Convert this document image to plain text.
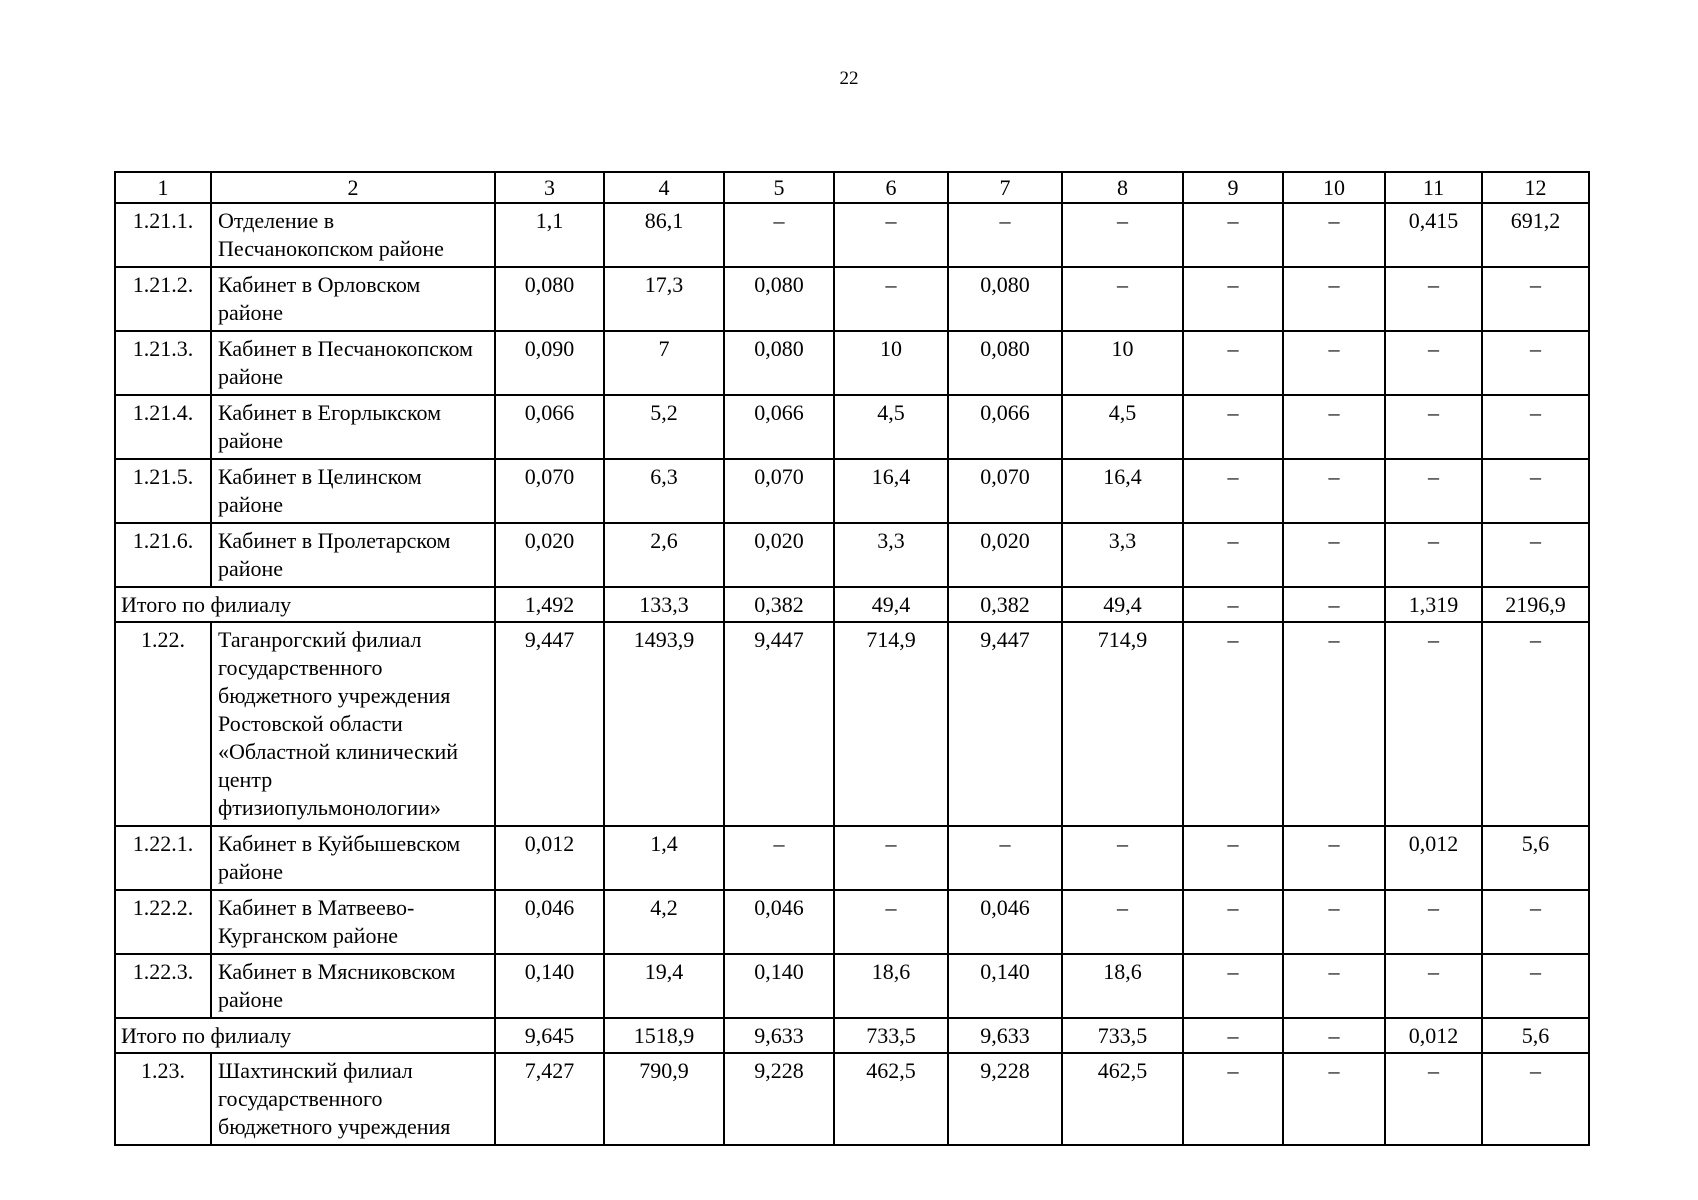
22
1	2	3	4	5	6	7	8	9	10	11	12
1.21.1.	Отделение в Песчанокопском районе	1,1	86,1	–	–	–	–	–	–	0,415	691,2
1.21.2.	Кабинет в Орловском районе	0,080	17,3	0,080	–	0,080	–	–	–	–	–
1.21.3.	Кабинет в Песчанокопском районе	0,090	7	0,080	10	0,080	10	–	–	–	–
1.21.4.	Кабинет в Егорлыкском районе	0,066	5,2	0,066	4,5	0,066	4,5	–	–	–	–
1.21.5.	Кабинет в Целинском районе	0,070	6,3	0,070	16,4	0,070	16,4	–	–	–	–
1.21.6.	Кабинет в Пролетарском районе	0,020	2,6	0,020	3,3	0,020	3,3	–	–	–	–
Итого по филиалу		1,492	133,3	0,382	49,4	0,382	49,4	–	–	1,319	2196,9
1.22.	Таганрогский филиал государственного бюджетного учреждения Ростовской области «Областной клинический центр фтизиопульмонологии»	9,447	1493,9	9,447	714,9	9,447	714,9	–	–	–	–
1.22.1.	Кабинет в Куйбышевском районе	0,012	1,4	–	–	–	–	–	–	0,012	5,6
1.22.2.	Кабинет в Матвеево-Курганском районе	0,046	4,2	0,046	–	0,046	–	–	–	–	–
1.22.3.	Кабинет в Мясниковском районе	0,140	19,4	0,140	18,6	0,140	18,6	–	–	–	–
Итого по филиалу		9,645	1518,9	9,633	733,5	9,633	733,5	–	–	0,012	5,6
1.23.	Шахтинский филиал государственного бюджетного учреждения	7,427	790,9	9,228	462,5	9,228	462,5	–	–	–	–
